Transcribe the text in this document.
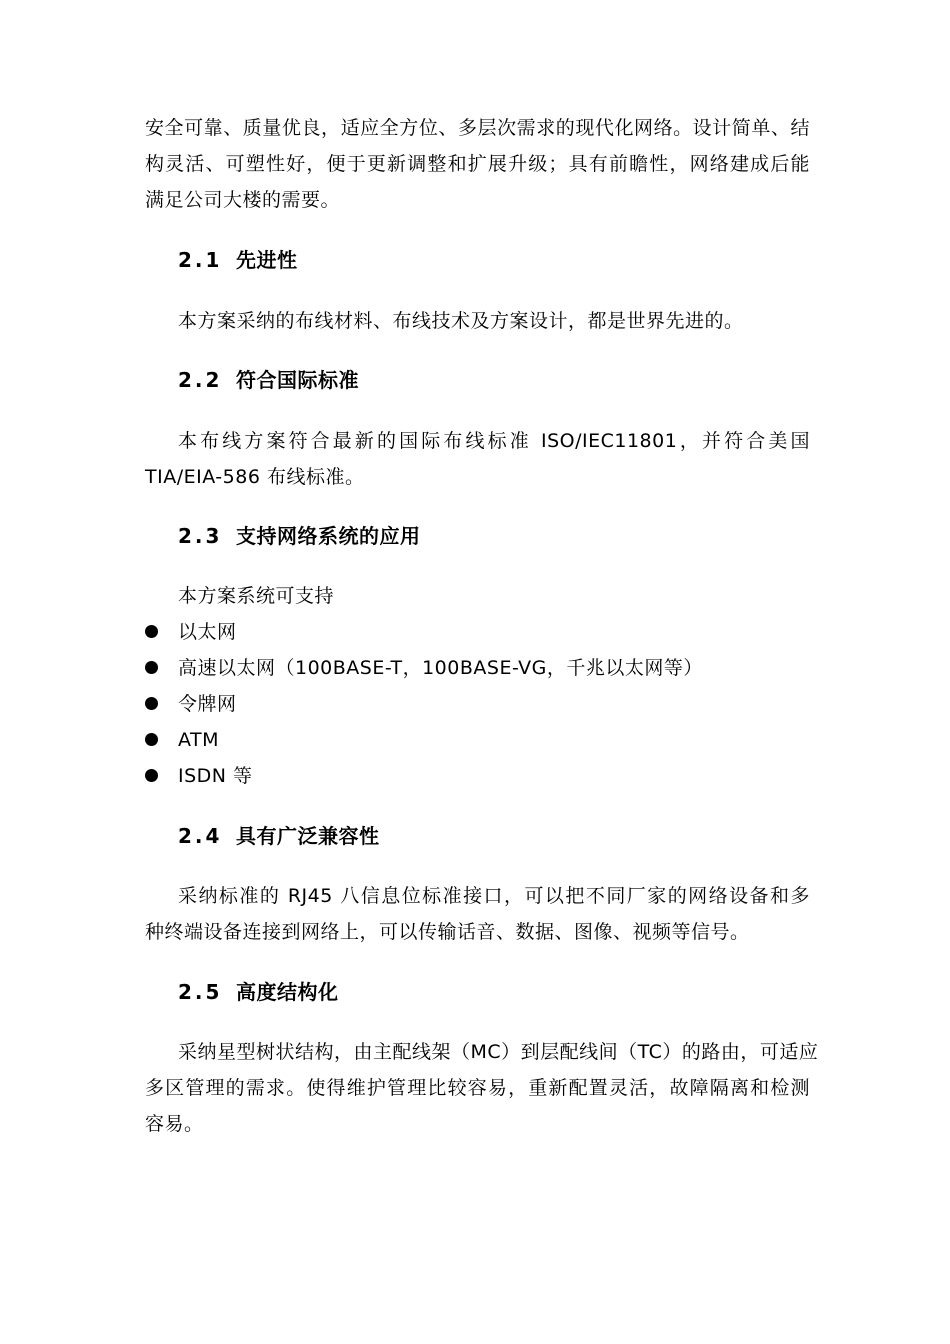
安全可靠、质量优良，适应全方位、多层次需求的现代化网络。设计简单、结
构灵活、可塑性好，便于更新调整和扩展升级；具有前瞻性，网络建成后能
满足公司大楼的需要。
2.1 先进性
本方案采纳的布线材料、布线技术及方案设计，都是世界先进的。
2.2 符合国际标准
本布线方案符合最新的国际布线标准 ISO/IEC11801，并符合美国
TIA/EIA-586 布线标准。
2.3 支持网络系统的应用
本方案系统可支持
以太网
高速以太网（100BASE-T，100BASE-VG，千兆以太网等）
令牌网
ATM
ISDN 等
2.4 具有广泛兼容性
采纳标准的 RJ45 八信息位标准接口，可以把不同厂家的网络设备和多
种终端设备连接到网络上，可以传输话音、数据、图像、视频等信号。
2.5 高度结构化
采纳星型树状结构，由主配线架（MC）到层配线间（TC）的路由，可适应
多区管理的需求。使得维护管理比较容易，重新配置灵活，故障隔离和检测
容易。
